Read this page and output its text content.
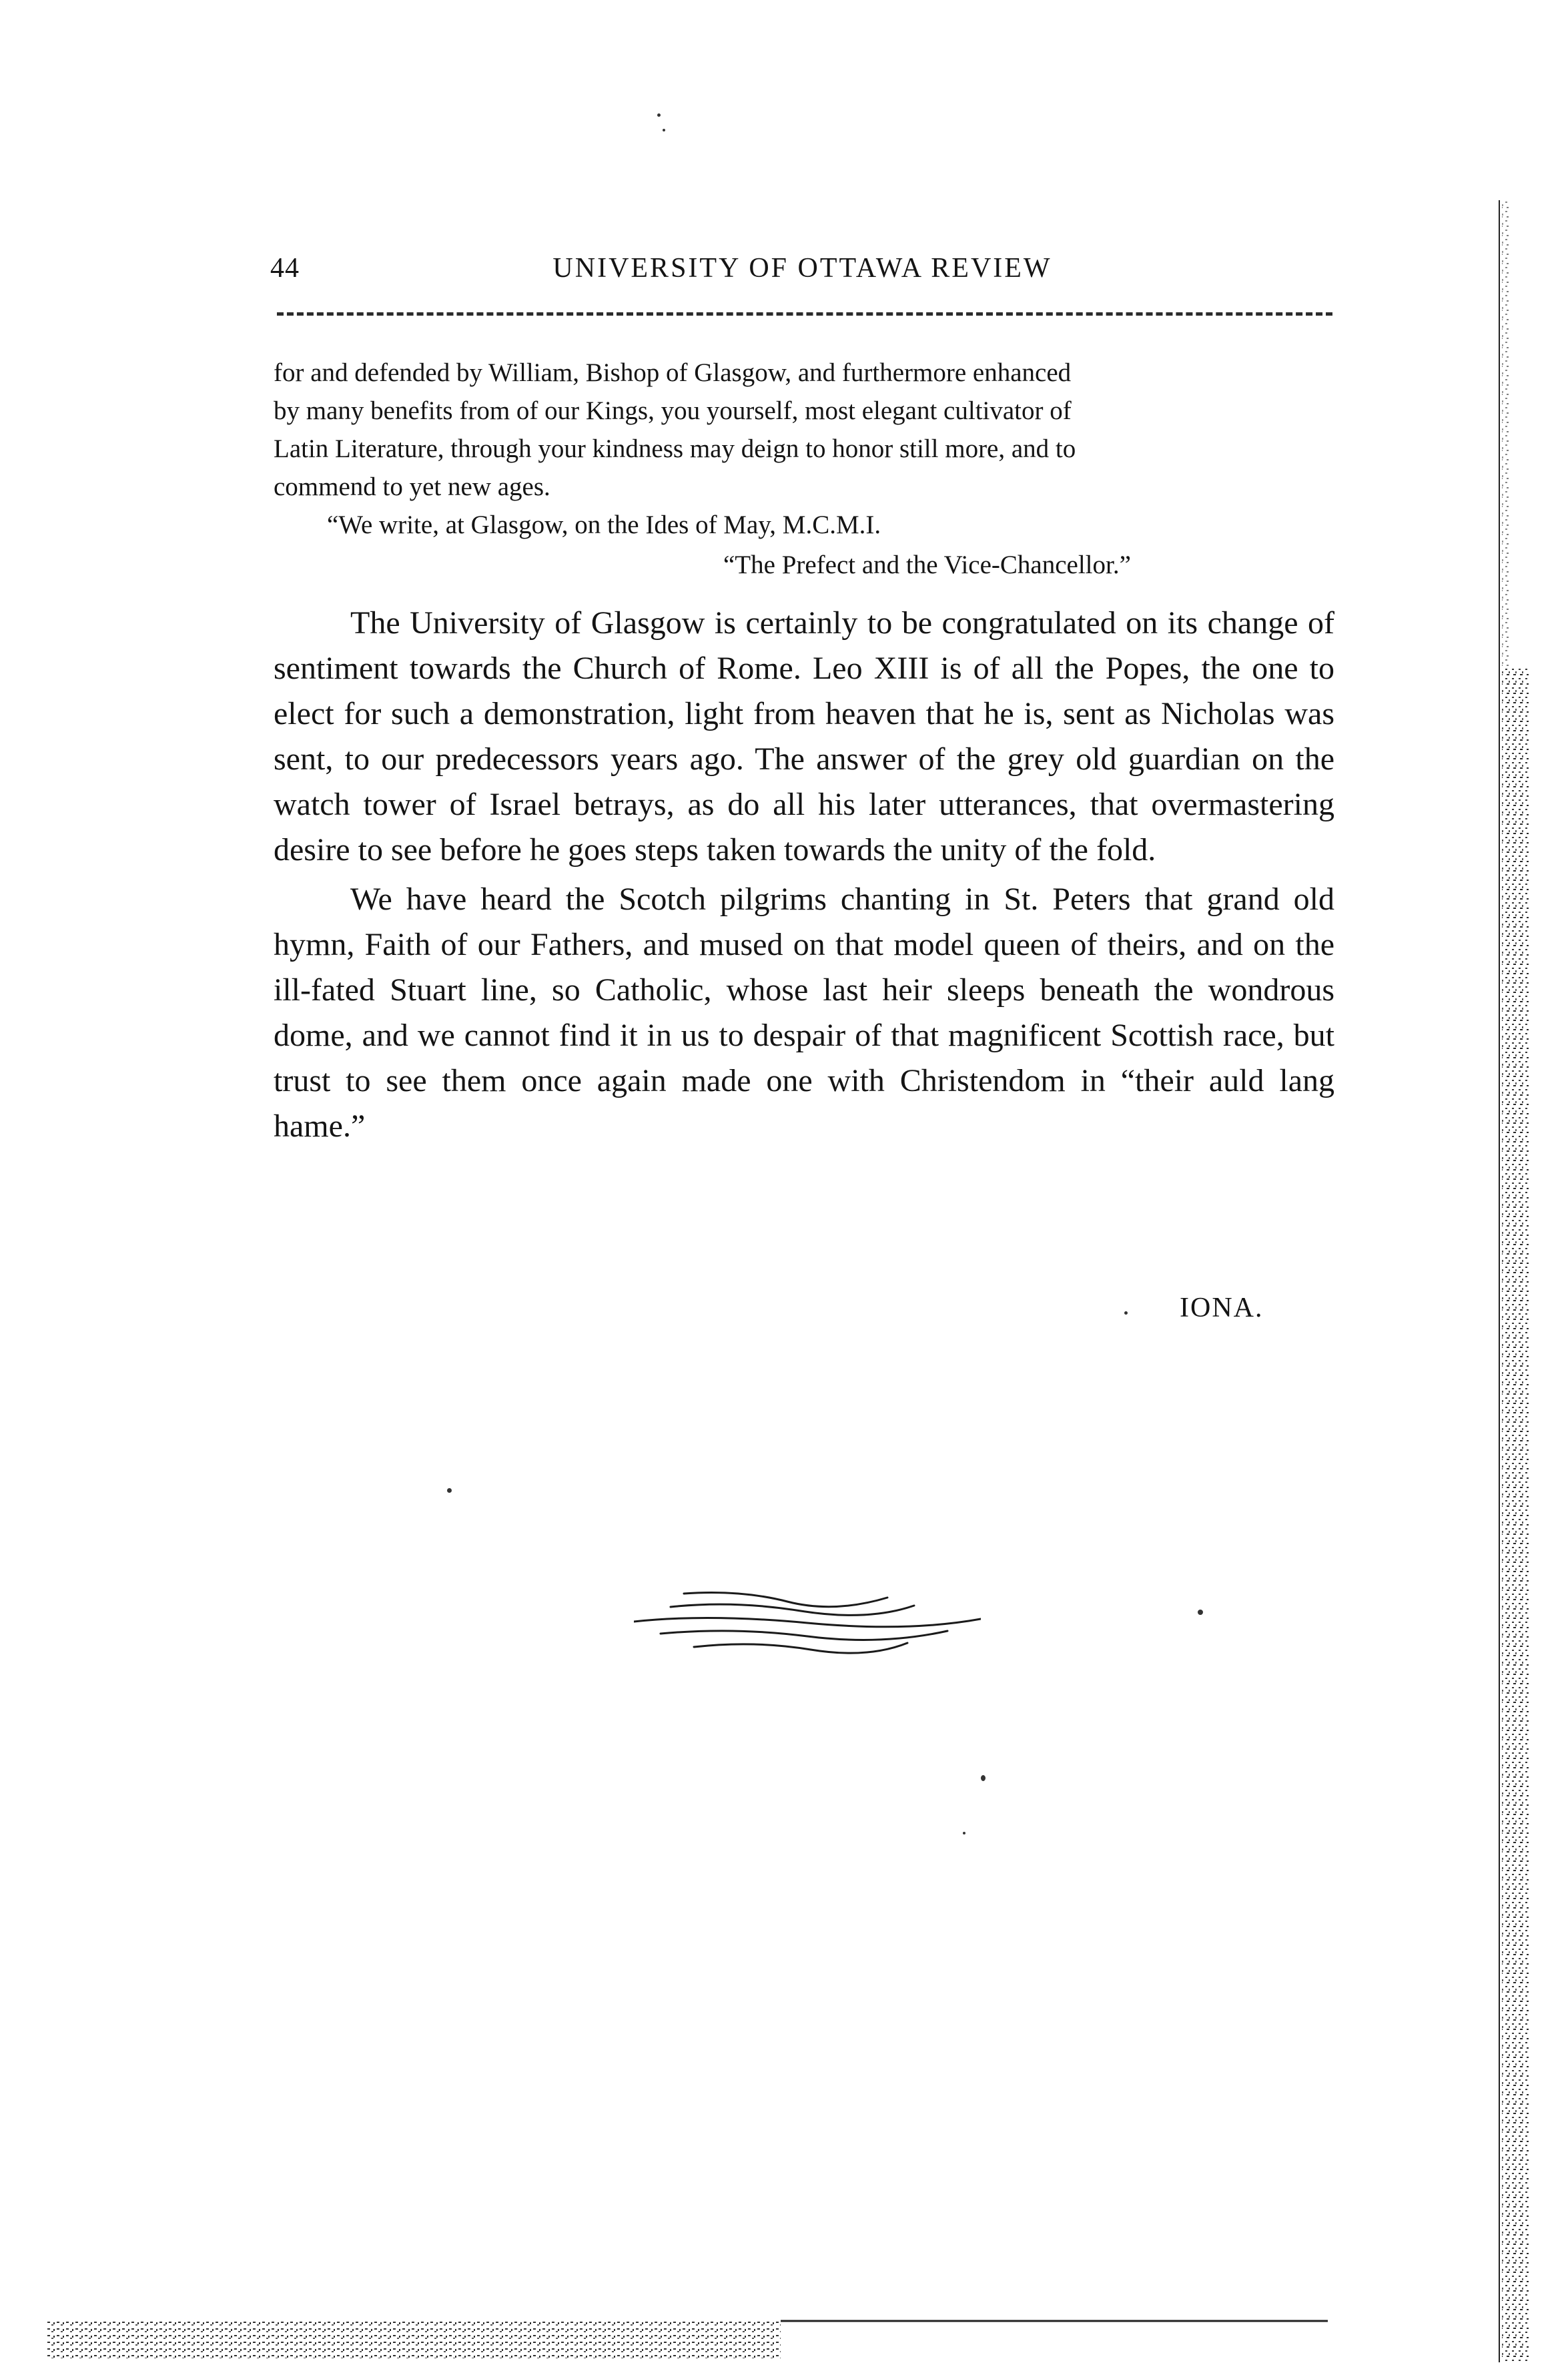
44	UNIVERSITY OF OTTAWA REVIEW

for and defended by William, Bishop of Glasgow, and furthermore enhanced

by many benefits from of our Kings, you yourself, most elegant cultivator of

Latin Literature, through your kindness may deign to honor still more, and to

commend to yet new ages.

“We write, at Glasgow, on the Ides of May, M.C.M.I.

“The Prefect and the Vice-Chancellor.”

The University of Glasgow is certainly to be congratulated on its change of sentiment towards the Church of Rome. Leo XIII is of all the Popes, the one to elect for such a demonstration, light from heaven that he is, sent as Nicholas was sent, to our predecessors years ago. The answer of the grey old guardian on the watch tower of Israel betrays, as do all his later utterances, that overmastering desire to see before he goes steps taken towards the unity of the fold.

We have heard the Scotch pilgrims chanting in St. Peters that grand old hymn, Faith of our Fathers, and mused on that model queen of theirs, and on the ill-fated Stuart line, so Catholic, whose last heir sleeps beneath the wondrous dome, and we cannot find it in us to despair of that magnificent Scottish race, but trust to see them once again made one with Christendom in “their auld lang hame.”

IONA.
